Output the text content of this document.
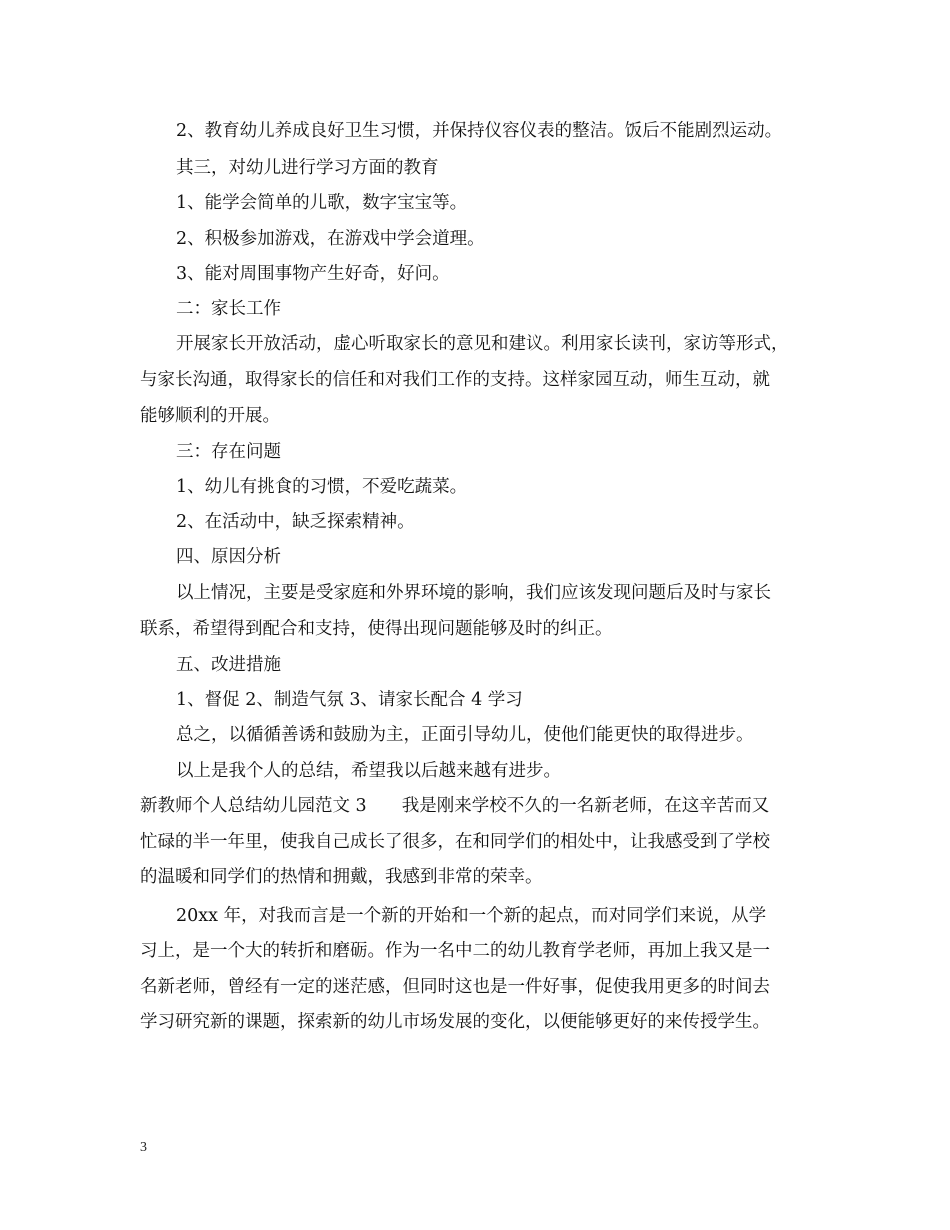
2、教育幼儿养成良好卫生习惯，并保持仪容仪表的整洁。饭后不能剧烈运动。
其三，对幼儿进行学习方面的教育
1、能学会简单的儿歌，数字宝宝等。
2、积极参加游戏，在游戏中学会道理。
3、能对周围事物产生好奇，好问。
二：家长工作
开展家长开放活动，虚心听取家长的意见和建议。利用家长读刊，家访等形式，
与家长沟通，取得家长的信任和对我们工作的支持。这样家园互动，师生互动，就
能够顺利的开展。
三：存在问题
1、幼儿有挑食的习惯，不爱吃蔬菜。
2、在活动中，缺乏探索精神。
四、原因分析
以上情况，主要是受家庭和外界环境的影响，我们应该发现问题后及时与家长
联系，希望得到配合和支持，使得出现问题能够及时的纠正。
五、改进措施
1、督促 2、制造气氛 3、请家长配合 4 学习
总之，以循循善诱和鼓励为主，正面引导幼儿，使他们能更快的取得进步。
以上是我个人的总结，希望我以后越来越有进步。
新教师个人总结幼儿园范文 3　　我是刚来学校不久的一名新老师，在这辛苦而又
忙碌的半一年里，使我自己成长了很多，在和同学们的相处中，让我感受到了学校
的温暖和同学们的热情和拥戴，我感到非常的荣幸。
20xx 年，对我而言是一个新的开始和一个新的起点，而对同学们来说，从学
习上，是一个大的转折和磨砺。作为一名中二的幼儿教育学老师，再加上我又是一
名新老师，曾经有一定的迷茫感，但同时这也是一件好事，促使我用更多的时间去
学习研究新的课题，探索新的幼儿市场发展的变化，以便能够更好的来传授学生。
3
